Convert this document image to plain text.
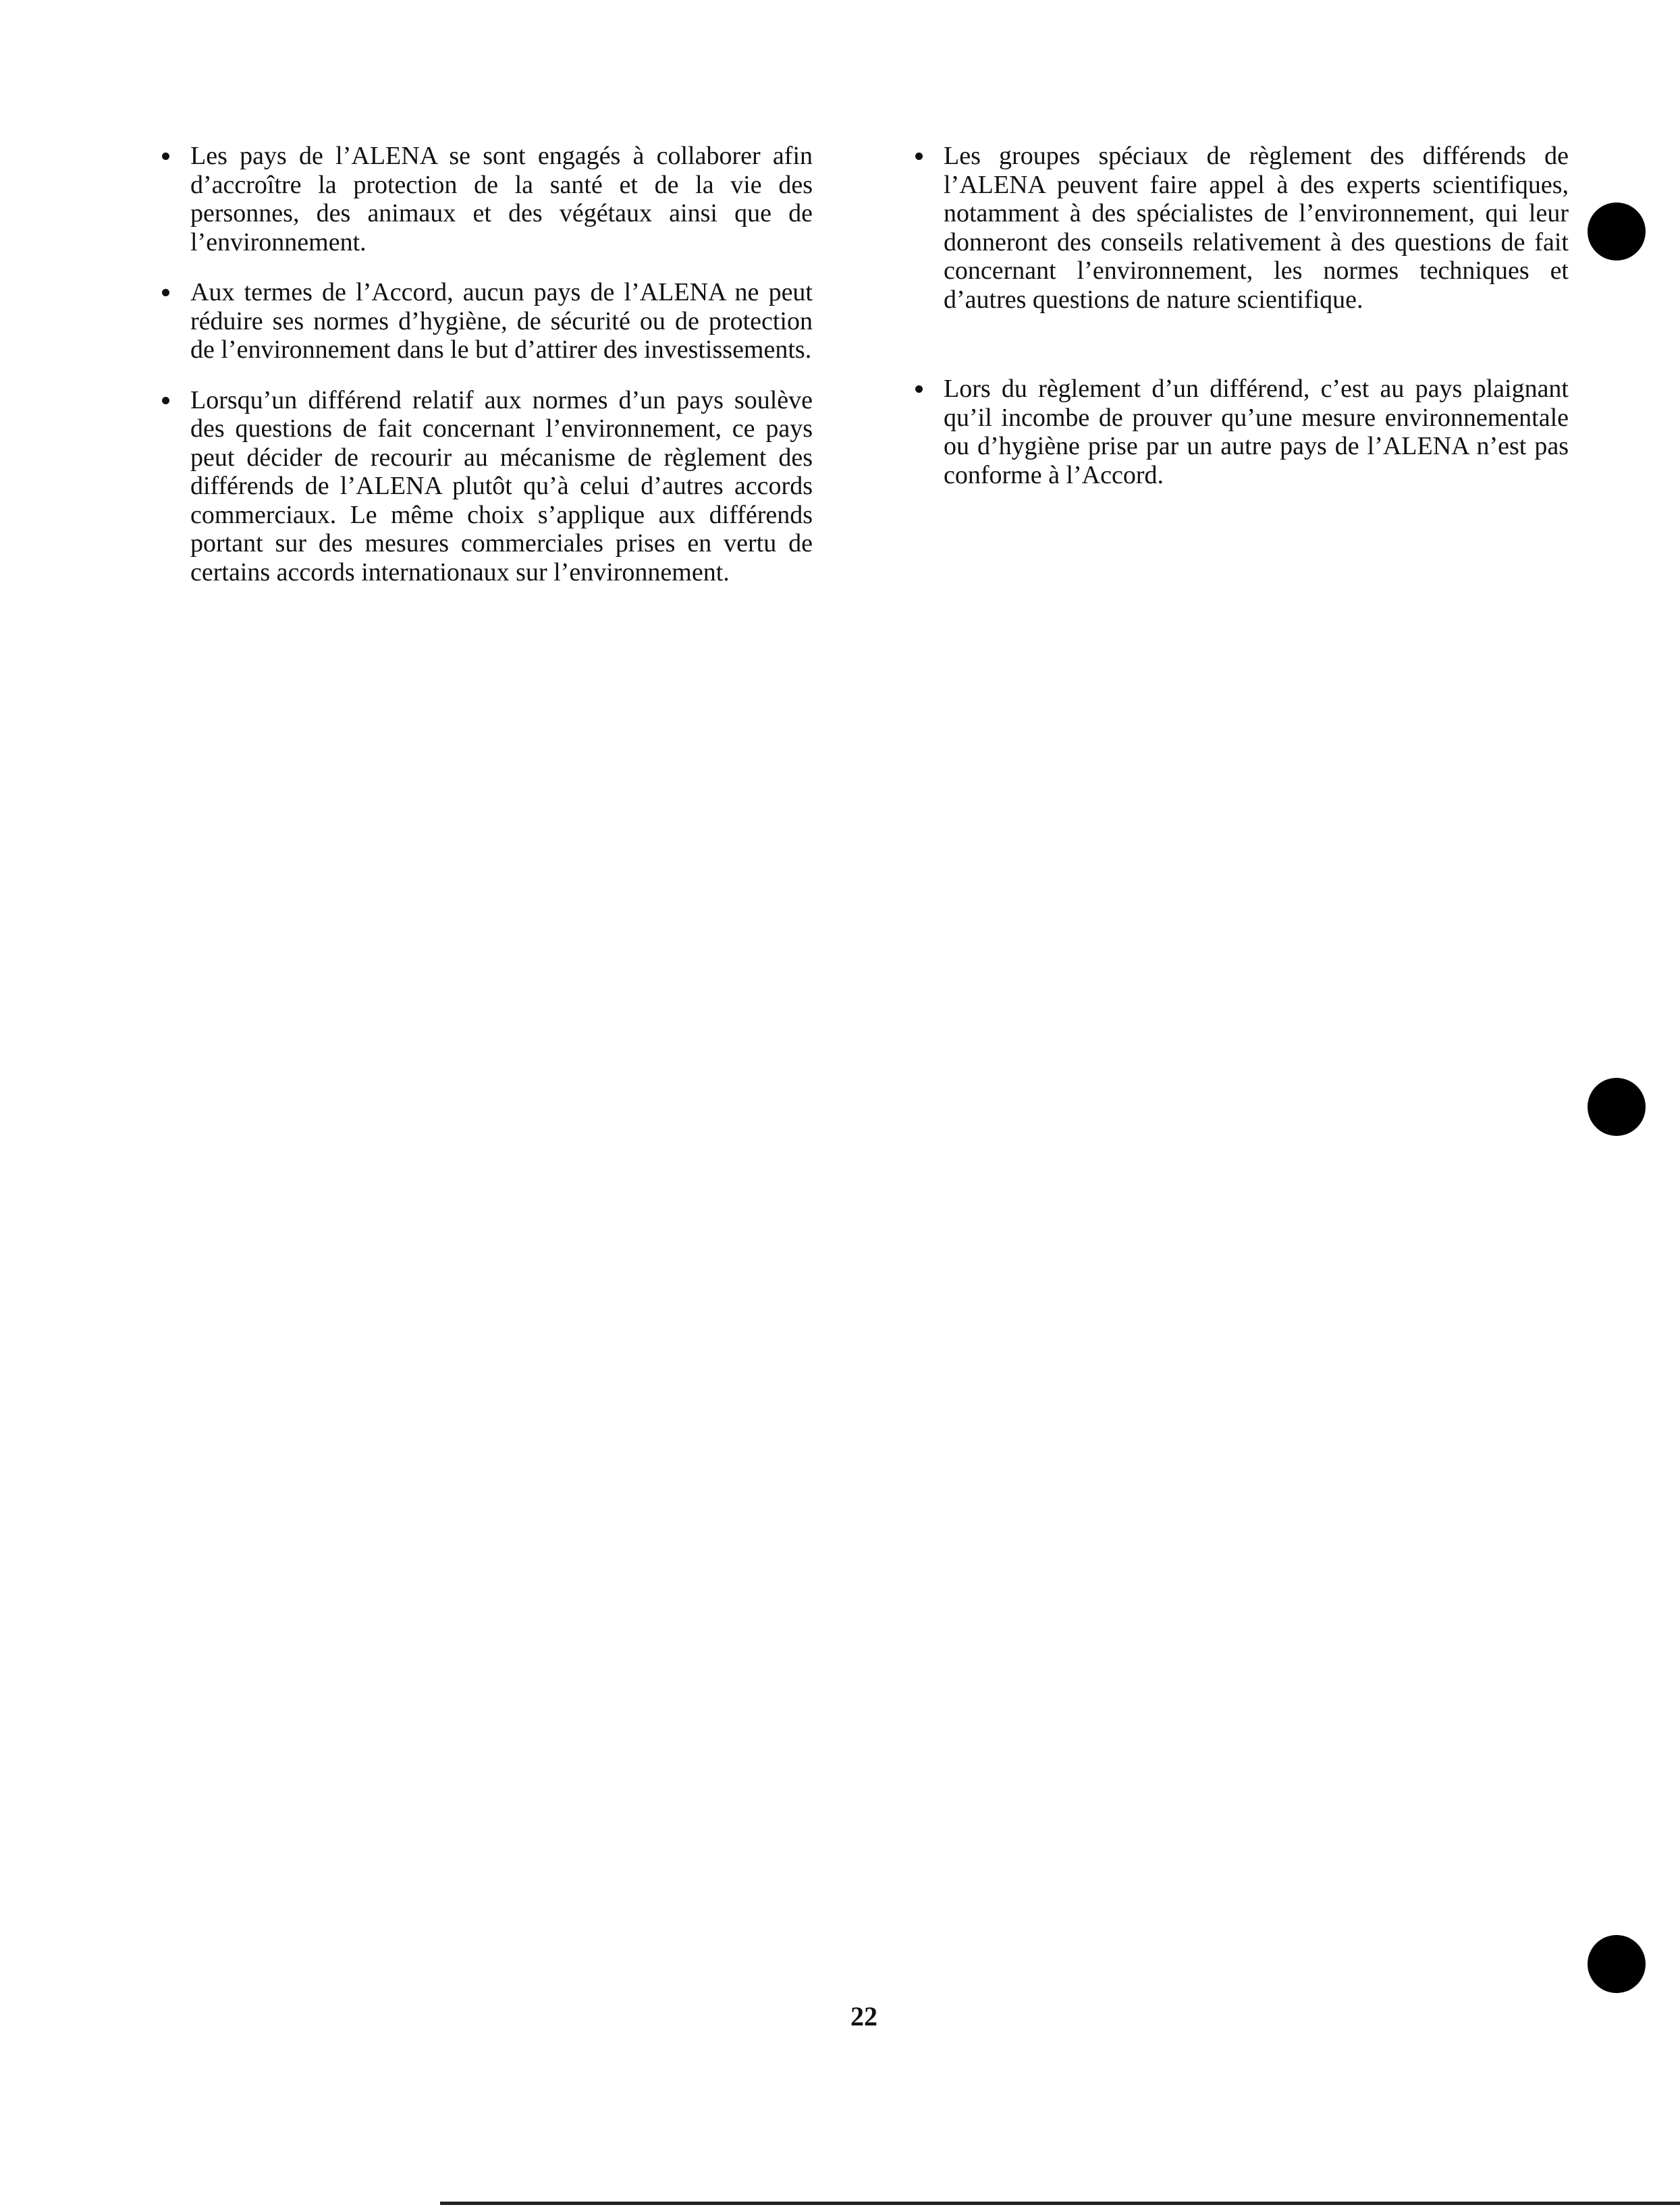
Les pays de l’ALENA se sont engagés à collaborer afin d’accroître la protection de la santé et de la vie des personnes, des animaux et des végétaux ainsi que de l’environnement.
Aux termes de l’Accord, aucun pays de l’ALENA ne peut réduire ses normes d’hygiène, de sécurité ou de protection de l’environnement dans le but d’attirer des investissements.
Lorsqu’un différend relatif aux normes d’un pays soulève des questions de fait concernant l’environnement, ce pays peut décider de recourir au mécanisme de règlement des différends de l’ALENA plutôt qu’à celui d’autres accords commerciaux. Le même choix s’applique aux différends portant sur des mesures commerciales prises en vertu de certains accords internationaux sur l’environnement.
Les groupes spéciaux de règlement des différends de l’ALENA peuvent faire appel à des experts scientifiques, notamment à des spécialistes de l’environnement, qui leur donneront des conseils relativement à des questions de fait concernant l’environnement, les normes techniques et d’autres questions de nature scientifique.
Lors du règlement d’un différend, c’est au pays plaignant qu’il incombe de prouver qu’une mesure environnementale ou d’hygiène prise par un autre pays de l’ALENA n’est pas conforme à l’Accord.
22
